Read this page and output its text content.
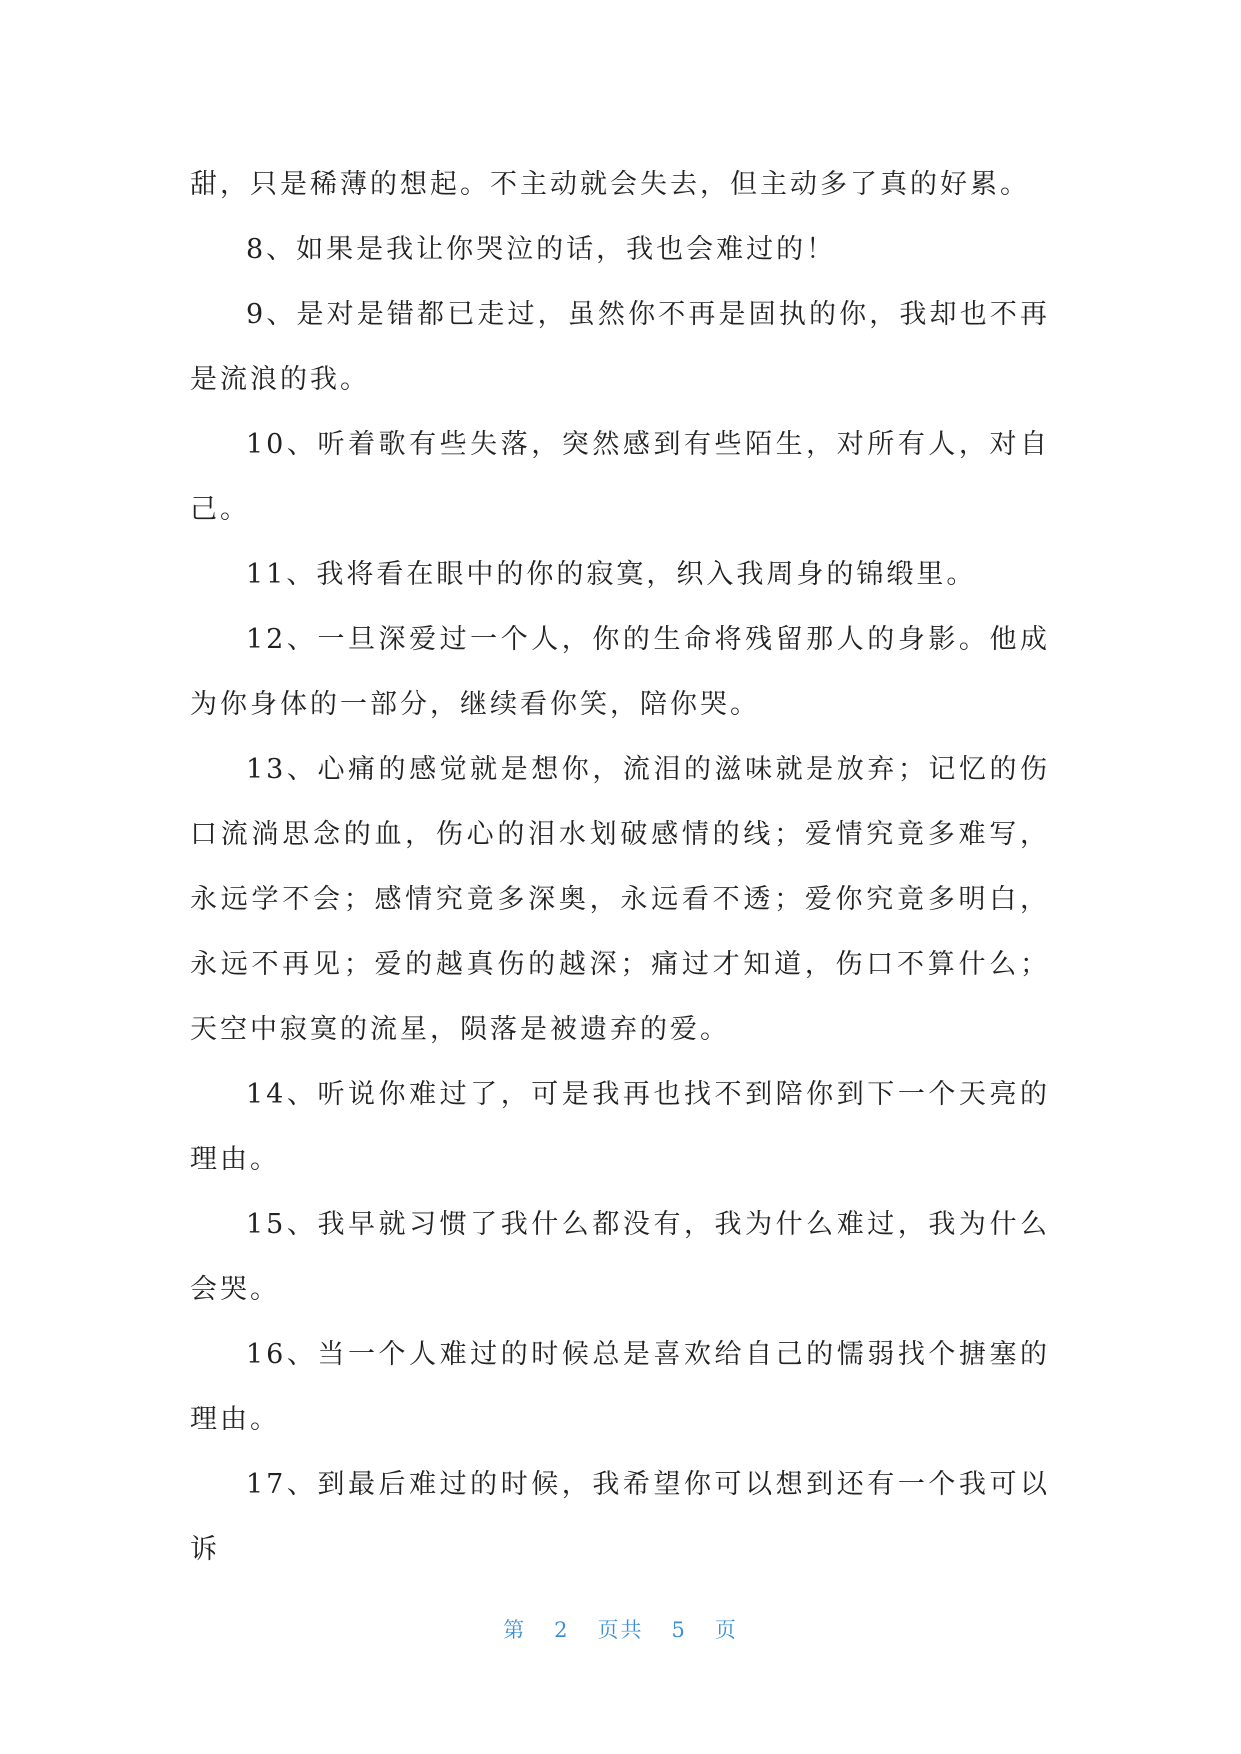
甜，只是稀薄的想起。不主动就会失去，但主动多了真的好累。

8、如果是我让你哭泣的话，我也会难过的！

9、是对是错都已走过，虽然你不再是固执的你，我却也不再是流浪的我。

10、听着歌有些失落，突然感到有些陌生，对所有人，对自己。

11、我将看在眼中的你的寂寞，织入我周身的锦缎里。

12、一旦深爱过一个人，你的生命将残留那人的身影。他成为你身体的一部分，继续看你笑，陪你哭。

13、心痛的感觉就是想你，流泪的滋味就是放弃；记忆的伤口流淌思念的血，伤心的泪水划破感情的线；爱情究竟多难写，永远学不会；感情究竟多深奥，永远看不透；爱你究竟多明白，永远不再见；爱的越真伤的越深；痛过才知道，伤口不算什么；天空中寂寞的流星，陨落是被遗弃的爱。

14、听说你难过了，可是我再也找不到陪你到下一个天亮的理由。

15、我早就习惯了我什么都没有，我为什么难过，我为什么会哭。

16、当一个人难过的时候总是喜欢给自己的懦弱找个搪塞的理由。

17、到最后难过的时候，我希望你可以想到还有一个我可以诉

第 2 页共 5 页
